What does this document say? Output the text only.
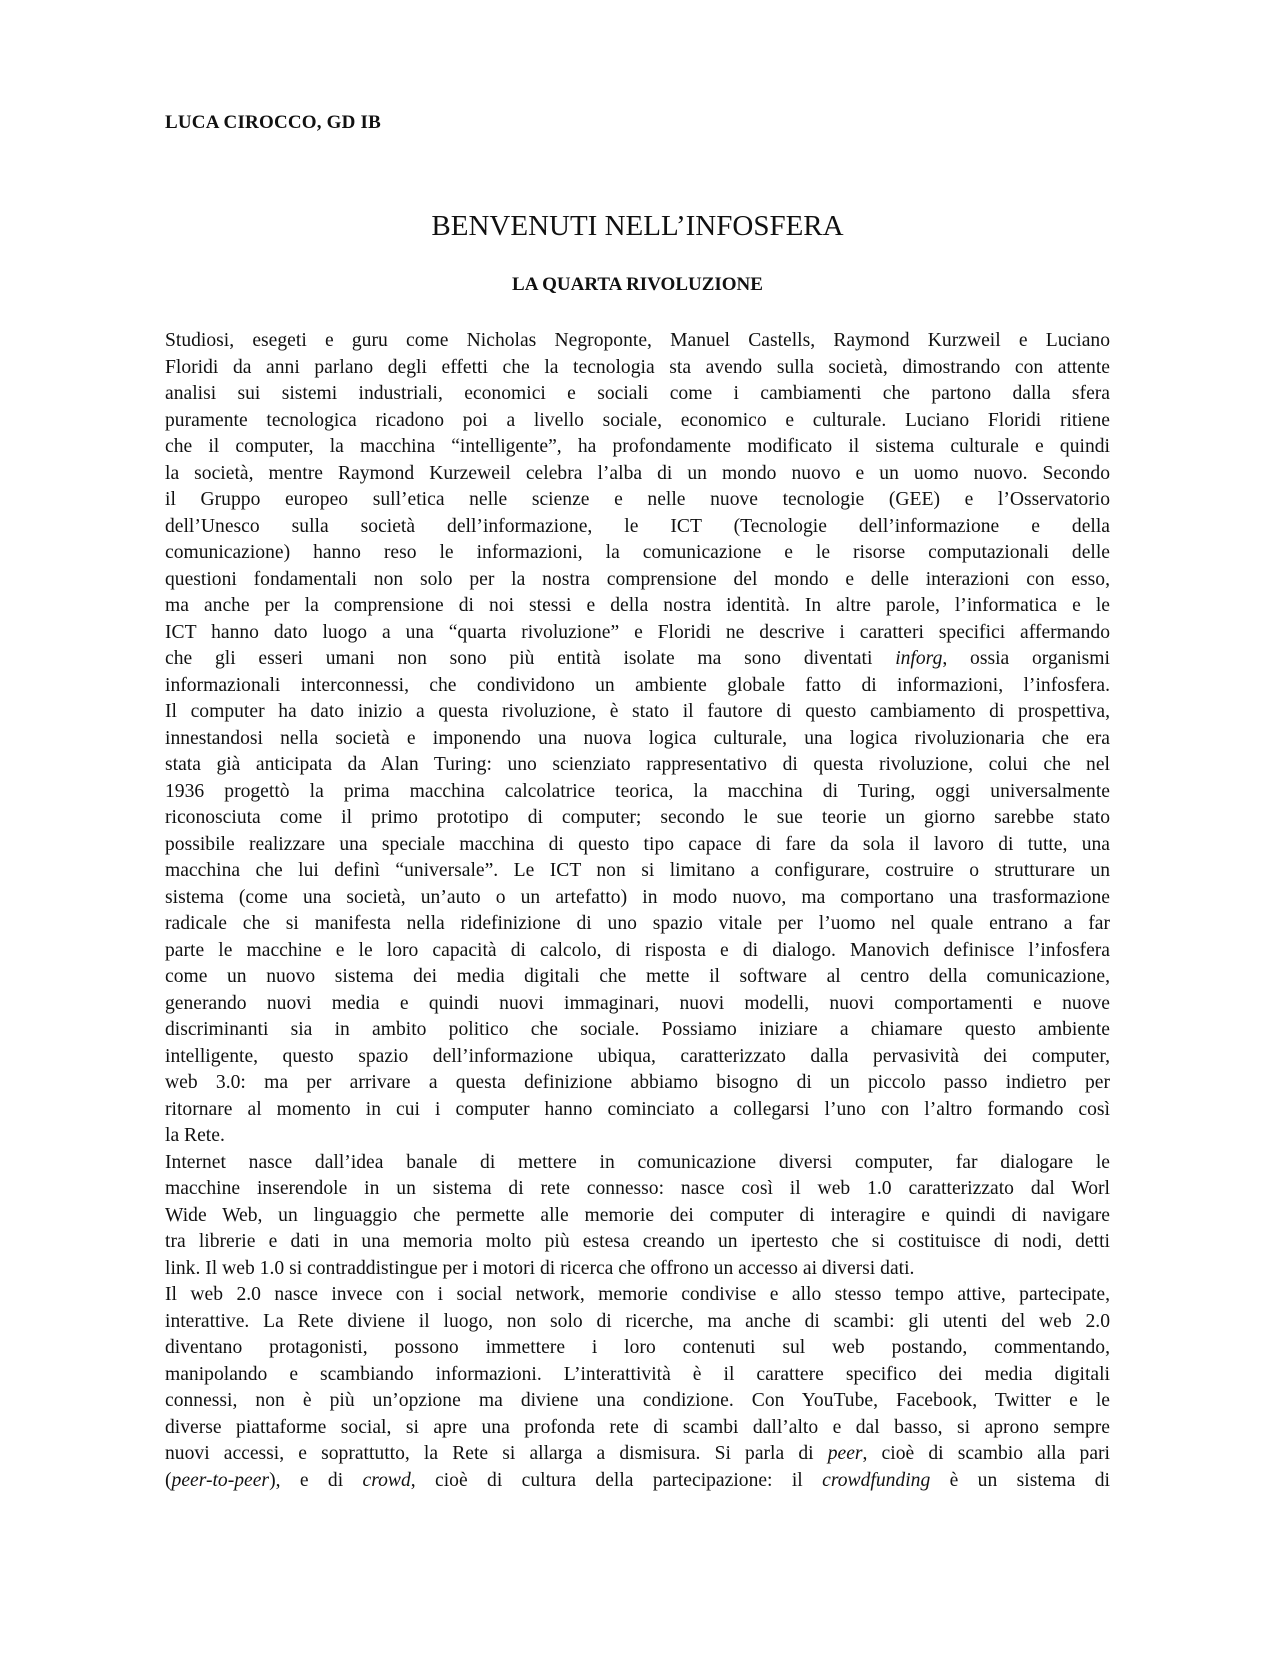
LUCA CIROCCO, GD IB
BENVENUTI NELL’INFOSFERA
LA QUARTA RIVOLUZIONE
Studiosi, esegeti e guru come Nicholas Negroponte, Manuel Castells, Raymond Kurzweil e Luciano
Floridi da anni parlano degli effetti che la tecnologia sta avendo sulla società, dimostrando con attente
analisi sui sistemi industriali, economici e sociali come i cambiamenti che partono dalla sfera
puramente tecnologica ricadono poi a livello sociale, economico e culturale. Luciano Floridi ritiene
che il computer, la macchina “intelligente”, ha profondamente modificato il sistema culturale e quindi
la società, mentre Raymond Kurzeweil celebra l’alba di un mondo nuovo e un uomo nuovo. Secondo
il Gruppo europeo sull’etica nelle scienze e nelle nuove tecnologie (GEE) e l’Osservatorio
dell’Unesco sulla società dell’informazione, le ICT (Tecnologie dell’informazione e della
comunicazione) hanno reso le informazioni, la comunicazione e le risorse computazionali delle
questioni fondamentali non solo per la nostra comprensione del mondo e delle interazioni con esso,
ma anche per la comprensione di noi stessi e della nostra identità. In altre parole, l’informatica e le
ICT hanno dato luogo a una “quarta rivoluzione” e Floridi ne descrive i caratteri specifici affermando
che gli esseri umani non sono più entità isolate ma sono diventati inforg, ossia organismi
informazionali interconnessi, che condividono un ambiente globale fatto di informazioni, l’infosfera.
Il computer ha dato inizio a questa rivoluzione, è stato il fautore di questo cambiamento di prospettiva,
innestandosi nella società e imponendo una nuova logica culturale, una logica rivoluzionaria che era
stata già anticipata da Alan Turing: uno scienziato rappresentativo di questa rivoluzione, colui che nel
1936 progettò la prima macchina calcolatrice teorica, la macchina di Turing, oggi universalmente
riconosciuta come il primo prototipo di computer; secondo le sue teorie un giorno sarebbe stato
possibile realizzare una speciale macchina di questo tipo capace di fare da sola il lavoro di tutte, una
macchina che lui definì “universale”. Le ICT non si limitano a configurare, costruire o strutturare un
sistema (come una società, un’auto o un artefatto) in modo nuovo, ma comportano una trasformazione
radicale che si manifesta nella ridefinizione di uno spazio vitale per l’uomo nel quale entrano a far
parte le macchine e le loro capacità di calcolo, di risposta e di dialogo. Manovich definisce l’infosfera
come un nuovo sistema dei media digitali che mette il software al centro della comunicazione,
generando nuovi media e quindi nuovi immaginari, nuovi modelli, nuovi comportamenti e nuove
discriminanti sia in ambito politico che sociale. Possiamo iniziare a chiamare questo ambiente
intelligente, questo spazio dell’informazione ubiqua, caratterizzato dalla pervasività dei computer,
web 3.0: ma per arrivare a questa definizione abbiamo bisogno di un piccolo passo indietro per
ritornare al momento in cui i computer hanno cominciato a collegarsi l’uno con l’altro formando così
la Rete.
Internet nasce dall’idea banale di mettere in comunicazione diversi computer, far dialogare le
macchine inserendole in un sistema di rete connesso: nasce così il web 1.0 caratterizzato dal Worl
Wide Web, un linguaggio che permette alle memorie dei computer di interagire e quindi di navigare
tra librerie e dati in una memoria molto più estesa creando un ipertesto che si costituisce di nodi, detti
link. Il web 1.0 si contraddistingue per i motori di ricerca che offrono un accesso ai diversi dati.
Il web 2.0 nasce invece con i social network, memorie condivise e allo stesso tempo attive, partecipate,
interattive. La Rete diviene il luogo, non solo di ricerche, ma anche di scambi: gli utenti del web 2.0
diventano protagonisti, possono immettere i loro contenuti sul web postando, commentando,
manipolando e scambiando informazioni. L’interattività è il carattere specifico dei media digitali
connessi, non è più un’opzione ma diviene una condizione. Con YouTube, Facebook, Twitter e le
diverse piattaforme social, si apre una profonda rete di scambi dall’alto e dal basso, si aprono sempre
nuovi accessi, e soprattutto, la Rete si allarga a dismisura. Si parla di peer, cioè di scambio alla pari
(peer-to-peer), e di crowd, cioè di cultura della partecipazione: il crowdfunding è un sistema di
